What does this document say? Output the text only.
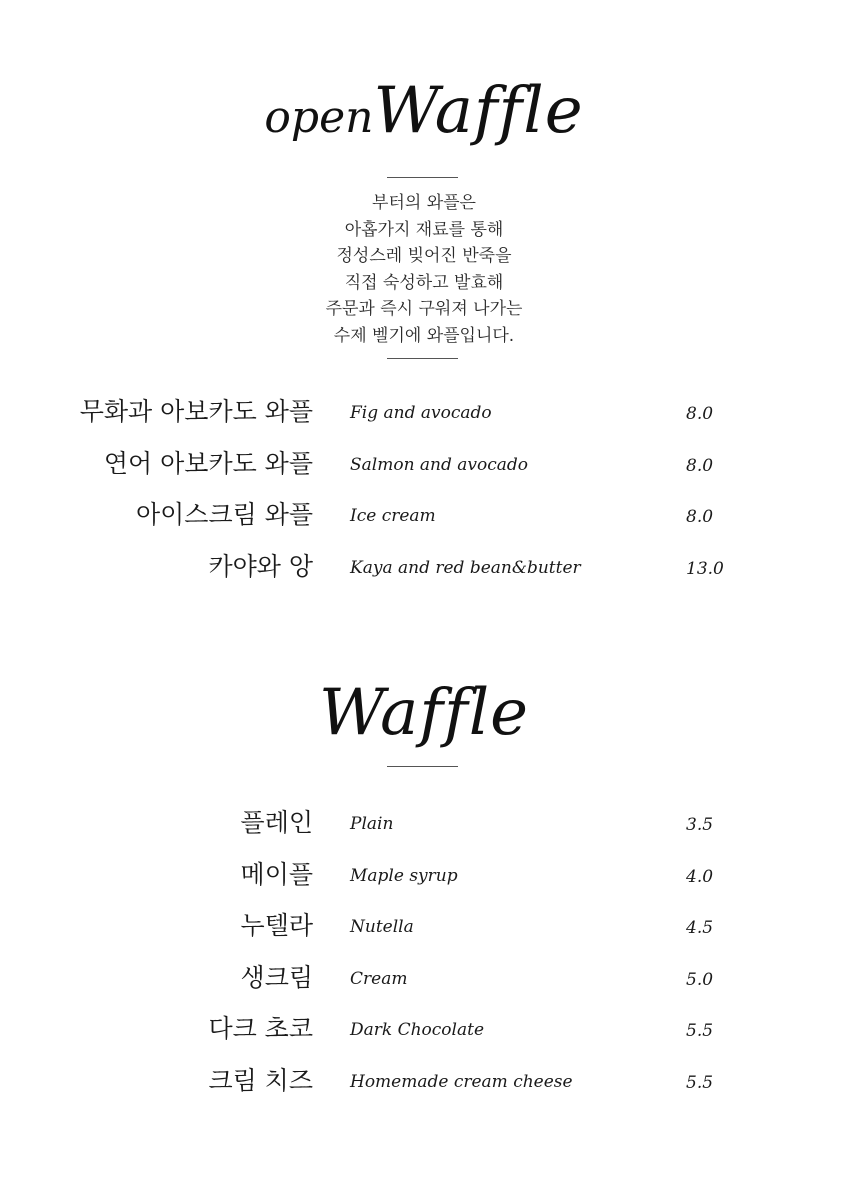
openWaffle
부터의 와플은
아홉가지 재료를 통해
정성스레 빚어진 반죽을
직접 숙성하고 발효해
주문과 즉시 구워져 나가는
수제 벨기에 와플입니다.
무화과 아보카도 와플 Fig and avocado	8.0
연어 아보카도 와플 Salmon and avocado	8.0
아이스크림 와플 Ice cream	8.0
카야와 앙 Kaya and red bean&butter	13.0
Waffle
플레인 Plain	3.5
메이플 Maple syrup	4.0
누텔라 Nutella	4.5
생크림 Cream	5.0
다크 초코 Dark Chocolate	5.5
크림 치즈 Homemade cream cheese	5.5
